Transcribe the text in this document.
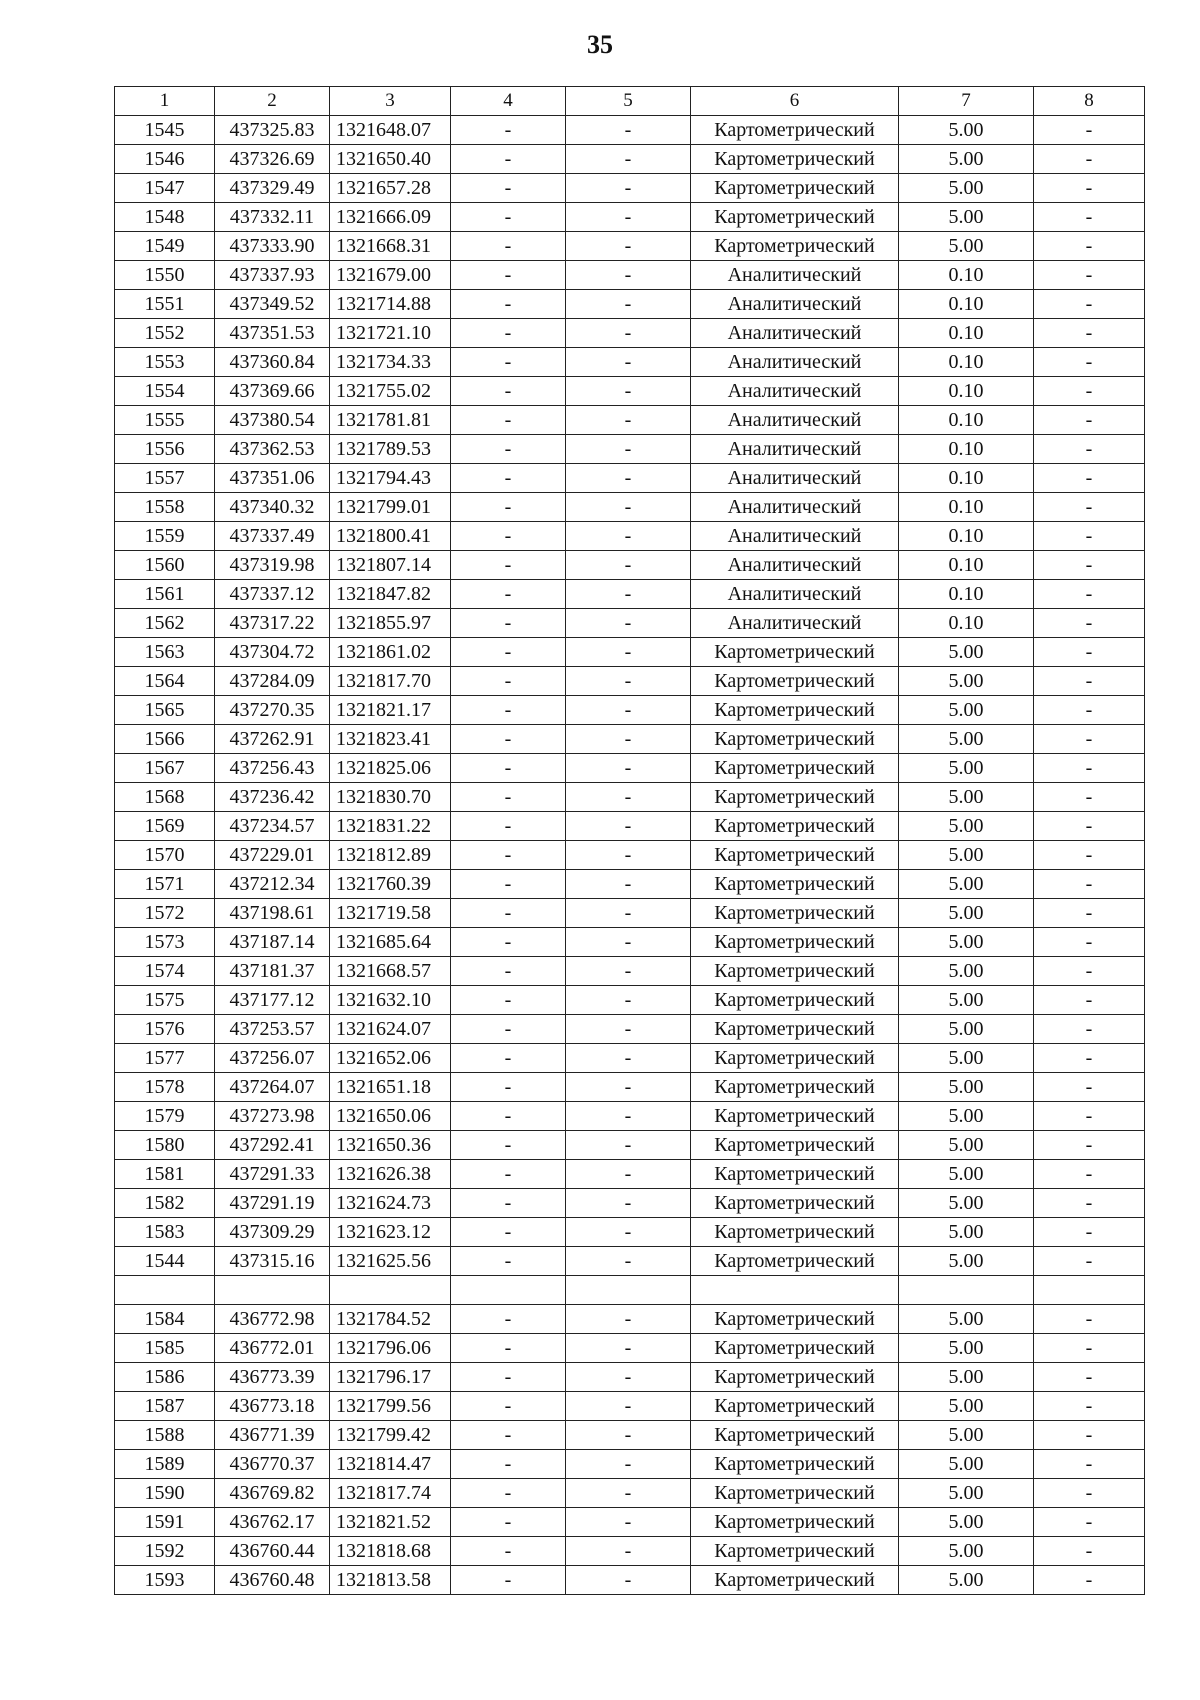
35
1	2	3	4	5	6	7	8
1545	437325.83	1321648.07	-	-	Картометрический	5.00	-
1546	437326.69	1321650.40	-	-	Картометрический	5.00	-
1547	437329.49	1321657.28	-	-	Картометрический	5.00	-
1548	437332.11	1321666.09	-	-	Картометрический	5.00	-
1549	437333.90	1321668.31	-	-	Картометрический	5.00	-
1550	437337.93	1321679.00	-	-	Аналитический	0.10	-
1551	437349.52	1321714.88	-	-	Аналитический	0.10	-
1552	437351.53	1321721.10	-	-	Аналитический	0.10	-
1553	437360.84	1321734.33	-	-	Аналитический	0.10	-
1554	437369.66	1321755.02	-	-	Аналитический	0.10	-
1555	437380.54	1321781.81	-	-	Аналитический	0.10	-
1556	437362.53	1321789.53	-	-	Аналитический	0.10	-
1557	437351.06	1321794.43	-	-	Аналитический	0.10	-
1558	437340.32	1321799.01	-	-	Аналитический	0.10	-
1559	437337.49	1321800.41	-	-	Аналитический	0.10	-
1560	437319.98	1321807.14	-	-	Аналитический	0.10	-
1561	437337.12	1321847.82	-	-	Аналитический	0.10	-
1562	437317.22	1321855.97	-	-	Аналитический	0.10	-
1563	437304.72	1321861.02	-	-	Картометрический	5.00	-
1564	437284.09	1321817.70	-	-	Картометрический	5.00	-
1565	437270.35	1321821.17	-	-	Картометрический	5.00	-
1566	437262.91	1321823.41	-	-	Картометрический	5.00	-
1567	437256.43	1321825.06	-	-	Картометрический	5.00	-
1568	437236.42	1321830.70	-	-	Картометрический	5.00	-
1569	437234.57	1321831.22	-	-	Картометрический	5.00	-
1570	437229.01	1321812.89	-	-	Картометрический	5.00	-
1571	437212.34	1321760.39	-	-	Картометрический	5.00	-
1572	437198.61	1321719.58	-	-	Картометрический	5.00	-
1573	437187.14	1321685.64	-	-	Картометрический	5.00	-
1574	437181.37	1321668.57	-	-	Картометрический	5.00	-
1575	437177.12	1321632.10	-	-	Картометрический	5.00	-
1576	437253.57	1321624.07	-	-	Картометрический	5.00	-
1577	437256.07	1321652.06	-	-	Картометрический	5.00	-
1578	437264.07	1321651.18	-	-	Картометрический	5.00	-
1579	437273.98	1321650.06	-	-	Картометрический	5.00	-
1580	437292.41	1321650.36	-	-	Картометрический	5.00	-
1581	437291.33	1321626.38	-	-	Картометрический	5.00	-
1582	437291.19	1321624.73	-	-	Картометрический	5.00	-
1583	437309.29	1321623.12	-	-	Картометрический	5.00	-
1544	437315.16	1321625.56	-	-	Картометрический	5.00	-

1584	436772.98	1321784.52	-	-	Картометрический	5.00	-
1585	436772.01	1321796.06	-	-	Картометрический	5.00	-
1586	436773.39	1321796.17	-	-	Картометрический	5.00	-
1587	436773.18	1321799.56	-	-	Картометрический	5.00	-
1588	436771.39	1321799.42	-	-	Картометрический	5.00	-
1589	436770.37	1321814.47	-	-	Картометрический	5.00	-
1590	436769.82	1321817.74	-	-	Картометрический	5.00	-
1591	436762.17	1321821.52	-	-	Картометрический	5.00	-
1592	436760.44	1321818.68	-	-	Картометрический	5.00	-
1593	436760.48	1321813.58	-	-	Картометрический	5.00	-
